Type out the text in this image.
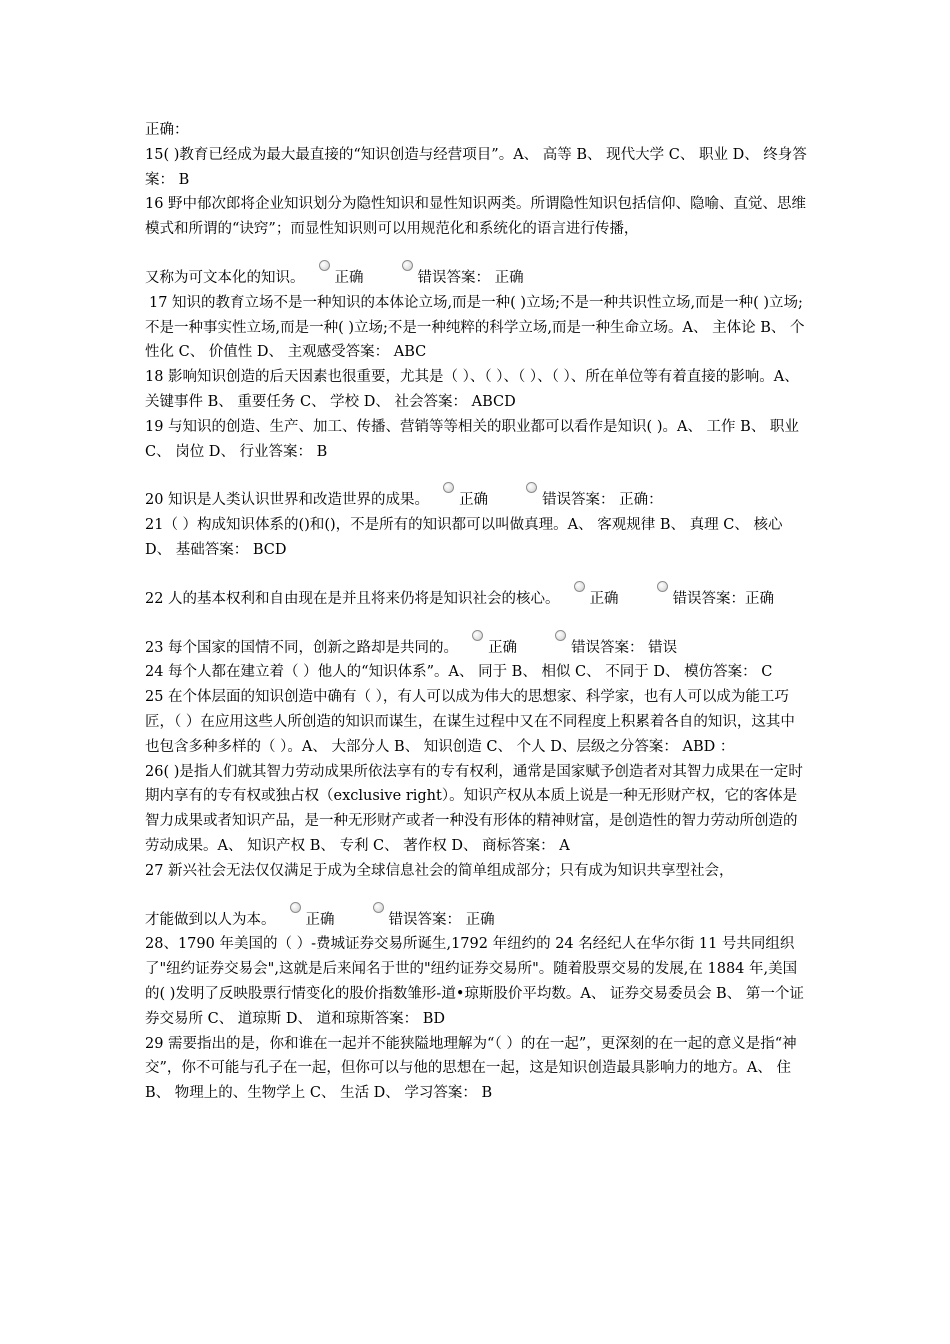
正确：

15( )教育已经成为最大最直接的“知识创造与经营项目”。A、 高等 B、 现代大学 C、 职业 D、 终身答案： B

16 野中郁次郎将企业知识划分为隐性知识和显性知识两类。所谓隐性知识包括信仰、隐喻、直觉、思维模式和所谓的“诀窍”；而显性知识则可以用规范化和系统化的语言进行传播，

又称为可文本化的知识。 正确	错误答案： 正确

17 知识的教育立场不是一种知识的本体论立场,而是一种( )立场;不是一种共识性立场,而是一种( )立场;不是一种事实性立场,而是一种( )立场;不是一种纯粹的科学立场,而是一种生命立场。A、 主体论 B、 个性化 C、 价值性 D、 主观感受答案： ABC

18 影响知识创造的后天因素也很重要，尤其是（ ）、（ ）、（ ）、（ ）、所在单位等有着直接的影响。A、 关键事件 B、 重要任务 C、 学校 D、 社会答案： ABCD

19 与知识的创造、生产、加工、传播、营销等等相关的职业都可以看作是知识( )。A、 工作 B、 职业 C、 岗位 D、 行业答案： B

20 知识是人类认识世界和改造世界的成果。 正确	错误答案： 正确：

21（ ）构成知识体系的()和()，不是所有的知识都可以叫做真理。A、 客观规律 B、 真理 C、 核心 D、 基础答案： BCD

22 人的基本权利和自由现在是并且将来仍将是知识社会的核心。 正确	错误答案：正确

23 每个国家的国情不同，创新之路却是共同的。 正确	错误答案： 错误

24 每个人都在建立着（ ）他人的“知识体系”。A、 同于 B、 相似 C、 不同于 D、 模仿答案： C

25 在个体层面的知识创造中确有（ ），有人可以成为伟大的思想家、科学家，也有人可以成为能工巧匠，（ ）在应用这些人所创造的知识而谋生，在谋生过程中又在不同程度上积累着各自的知识，这其中也包含多种多样的（ ）。A、 大部分人 B、 知识创造 C、 个人 D、层级之分答案： ABD ：

26( )是指人们就其智力劳动成果所依法享有的专有权利，通常是国家赋予创造者对其智力成果在一定时期内享有的专有权或独占权（exclusive right）。知识产权从本质上说是一种无形财产权，它的客体是智力成果或者知识产品，是一种无形财产或者一种没有形体的精神财富，是创造性的智力劳动所创造的劳动成果。A、 知识产权 B、 专利 C、 著作权 D、 商标答案： A

27 新兴社会无法仅仅满足于成为全球信息社会的简单组成部分；只有成为知识共享型社会，

才能做到以人为本。 正确	错误答案： 正确

28、1790 年美国的（ ）-费城证券交易所诞生,1792 年纽约的 24 名经纪人在华尔街 11 号共同组织了"纽约证券交易会",这就是后来闻名于世的"纽约证券交易所"。随着股票交易的发展,在 1884 年,美国的( )发明了反映股票行情变化的股价指数雏形-道•琼斯股价平均数。A、 证券交易委员会 B、 第一个证券交易所 C、 道琼斯 D、 道和琼斯答案： BD

29 需要指出的是，你和谁在一起并不能狭隘地理解为“（ ）的在一起”，更深刻的在一起的意义是指“神交”，你不可能与孔子在一起，但你可以与他的思想在一起，这是知识创造最具影响力的地方。A、 住 B、 物理上的、生物学上 C、 生活 D、 学习答案： B
